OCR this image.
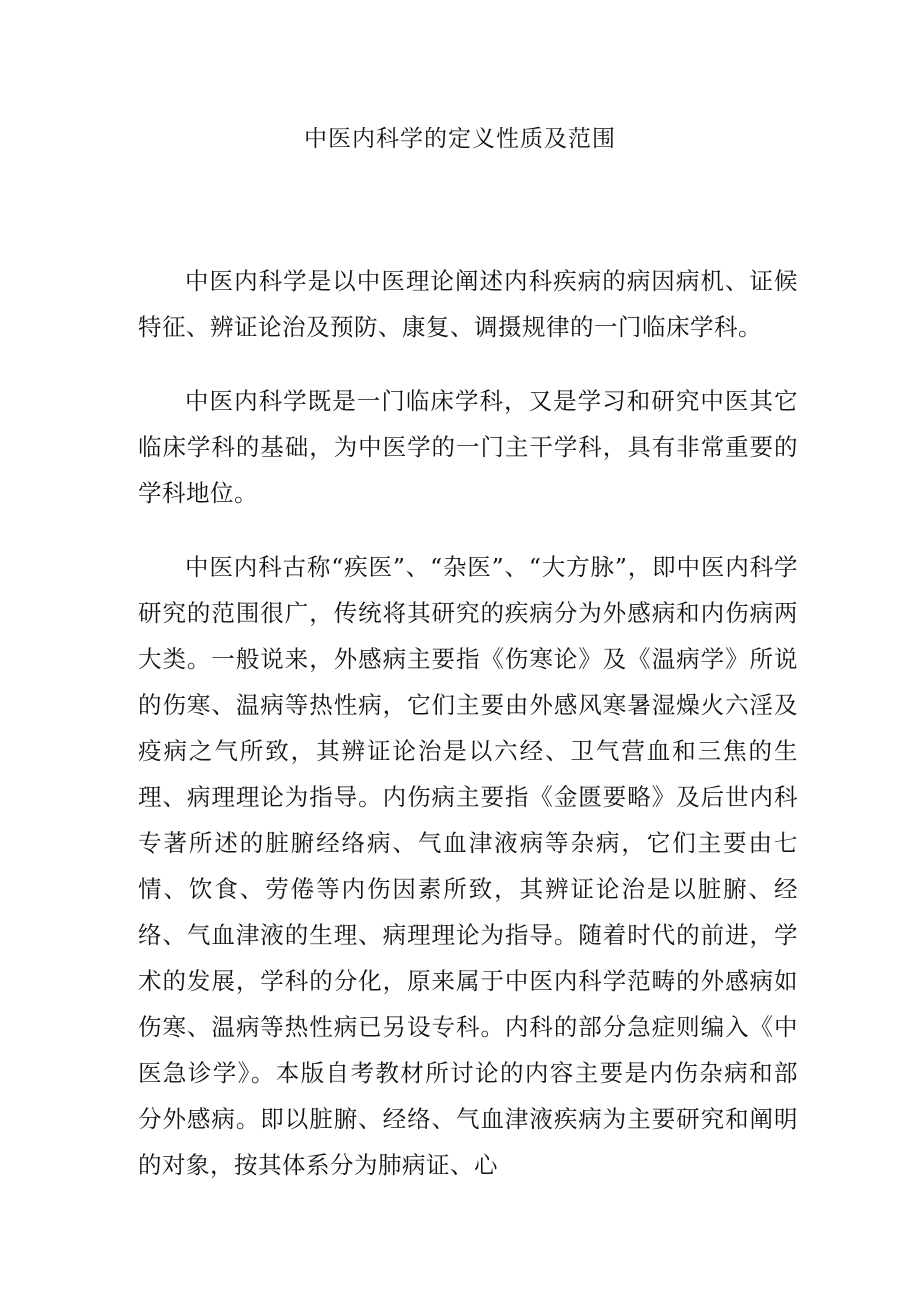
中医内科学的定义性质及范围

中医内科学是以中医理论阐述内科疾病的病因病机、证候特征、辨证论治及预防、康复、调摄规律的一门临床学科。

中医内科学既是一门临床学科，又是学习和研究中医其它临床学科的基础，为中医学的一门主干学科，具有非常重要的学科地位。

中医内科古称“疾医”、“杂医”、“大方脉”，即中医内科学研究的范围很广，传统将其研究的疾病分为外感病和内伤病两大类。一般说来，外感病主要指《伤寒论》及《温病学》所说的伤寒、温病等热性病，它们主要由外感风寒暑湿燥火六淫及疫病之气所致，其辨证论治是以六经、卫气营血和三焦的生理、病理理论为指导。内伤病主要指《金匮要略》及后世内科专著所述的脏腑经络病、气血津液病等杂病，它们主要由七情、饮食、劳倦等内伤因素所致，其辨证论治是以脏腑、经络、气血津液的生理、病理理论为指导。随着时代的前进，学术的发展，学科的分化，原来属于中医内科学范畴的外感病如伤寒、温病等热性病已另设专科。内科的部分急症则编入《中医急诊学》。本版自考教材所讨论的内容主要是内伤杂病和部分外感病。即以脏腑、经络、气血津液疾病为主要研究和阐明的对象，按其体系分为肺病证、心
